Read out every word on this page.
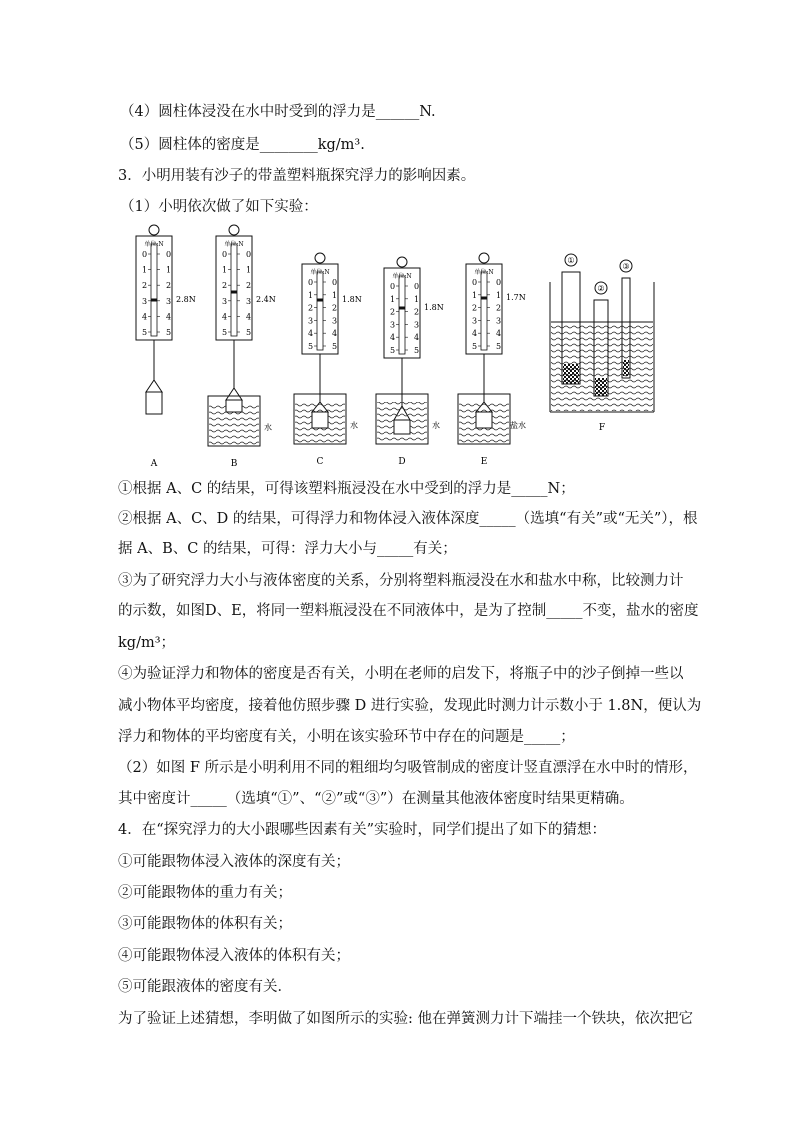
（4）圆柱体浸没在水中时受到的浮力是______N.
（5）圆柱体的密度是________kg/m³.
3．小明用装有沙子的带盖塑料瓶探究浮力的影响因素。
（1）小明依次做了如下实验：
①根据 A、C 的结果，可得该塑料瓶浸没在水中受到的浮力是_____N；
②根据 A、C、D 的结果，可得浮力和物体浸入液体深度_____（选填“有关”或“无关”），根
据 A、B、C 的结果，可得：浮力大小与_____有关；
③为了研究浮力大小与液体密度的关系，分别将塑料瓶浸没在水和盐水中称，比较测力计
的示数，如图D、E，将同一塑料瓶浸没在不同液体中，是为了控制_____不变，盐水的密度
kg/m³；
④为验证浮力和物体的密度是否有关，小明在老师的启发下，将瓶子中的沙子倒掉一些以
减小物体平均密度，接着他仿照步骤 D 进行实验，发现此时测力计示数小于 1.8N，便认为
浮力和物体的平均密度有关，小明在该实验环节中存在的问题是_____；
（2）如图 F 所示是小明利用不同的粗细均匀吸管制成的密度计竖直漂浮在水中时的情形，
其中密度计_____（选填“①”、“②”或“③”）在测量其他液体密度时结果更精确。
4．在“探究浮力的大小跟哪些因素有关”实验时，同学们提出了如下的猜想：
①可能跟物体浸入液体的深度有关；
②可能跟物体的重力有关；
③可能跟物体的体积有关；
④可能跟物体浸入液体的体积有关；
⑤可能跟液体的密度有关．
为了验证上述猜想，李明做了如图所示的实验: 他在弹簧测力计下端挂一个铁块，依次把它
单位:N
2.8N
A
0 0
1 1
2 2
3 3
4 4
5 5
单位:N
2.4N
水
B
0 0
1 1
2 2
3 3
4 4
5 5
单位:N
1.8N
水
C
0 0
1 1
2 2
3 3
4 4
5 5
单位:N
1.8N
水
D
0 0
1 1
2 2
3 3
4 4
5 5
单位:N
1.7N
盐水
E
0 0
1 1
2 2
3 3
4 4
5 5
①
②
③
F
